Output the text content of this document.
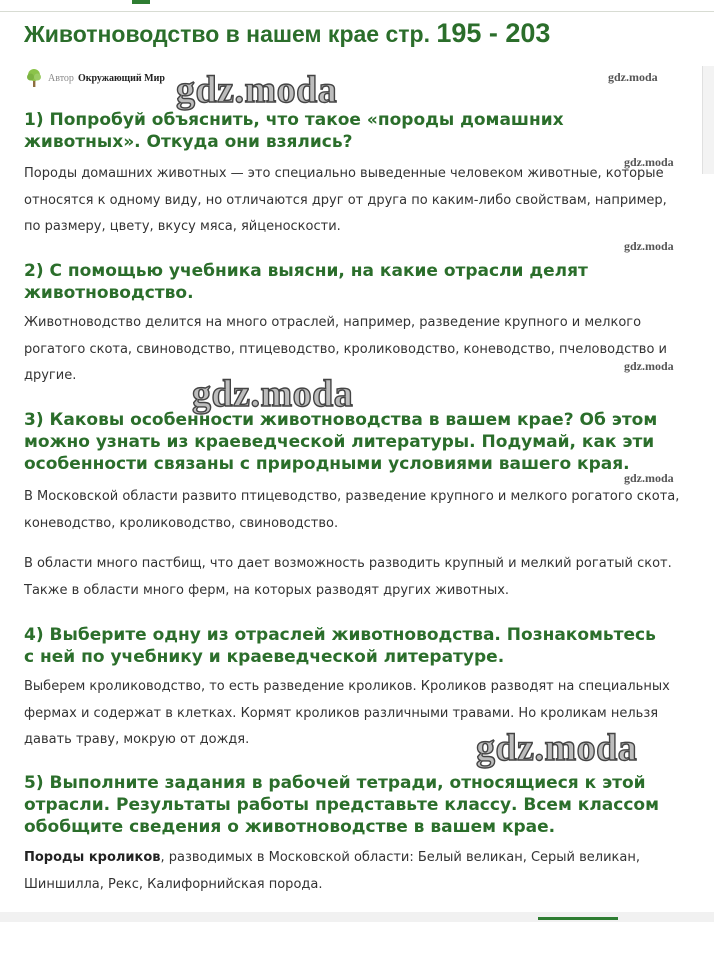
Животноводство в нашем крае стр. 195 - 203
Автор Окружающий Мир gdz.moda	gdz.moda
gdz.moda
gdz.moda
gdz.moda
gdz.moda
gdz.moda
gdz.moda
1) Попробуй объяснить, что такое «породы домашних животных». Откуда они взялись?

Породы домашних животных — это специально выведенные человеком животные, которые относятся к одному виду, но отличаются друг от друга по каким-либо свойствам, например, по размеру, цвету, вкусу мяса, яйценоскости.

2) С помощью учебника выясни, на какие отрасли делят животноводство.

Животноводство делится на много отраслей, например, разведение крупного и мелкого рогатого скота, свиноводство, птицеводство, кролиководство, коневодство, пчеловодство и другие.

3) Каковы особенности животноводства в вашем крае? Об этом можно узнать из краеведческой литературы. Подумай, как эти особенности связаны с природными условиями вашего края.

В Московской области развито птицеводство, разведение крупного и мелкого рогатого скота, коневодство, кролиководство, свиноводство.

В области много пастбищ, что дает возможность разводить крупный и мелкий рогатый скот. Также в области много ферм, на которых разводят других животных.

4) Выберите одну из отраслей животноводства. Познакомьтесь с ней по учебнику и краеведческой литературе.

Выберем кролиководство, то есть разведение кроликов. Кроликов разводят на специальных фермах и содержат в клетках. Кормят кроликов различными травами. Но кроликам нельзя давать траву, мокрую от дождя.

5) Выполните задания в рабочей тетради, относящиеся к этой отрасли. Результаты работы представьте классу. Всем классом обобщите сведения о животноводстве в вашем крае.

Породы кроликов, разводимых в Московской области: Белый великан, Серый великан, Шиншилла, Рекс, Калифорнийская порода.
